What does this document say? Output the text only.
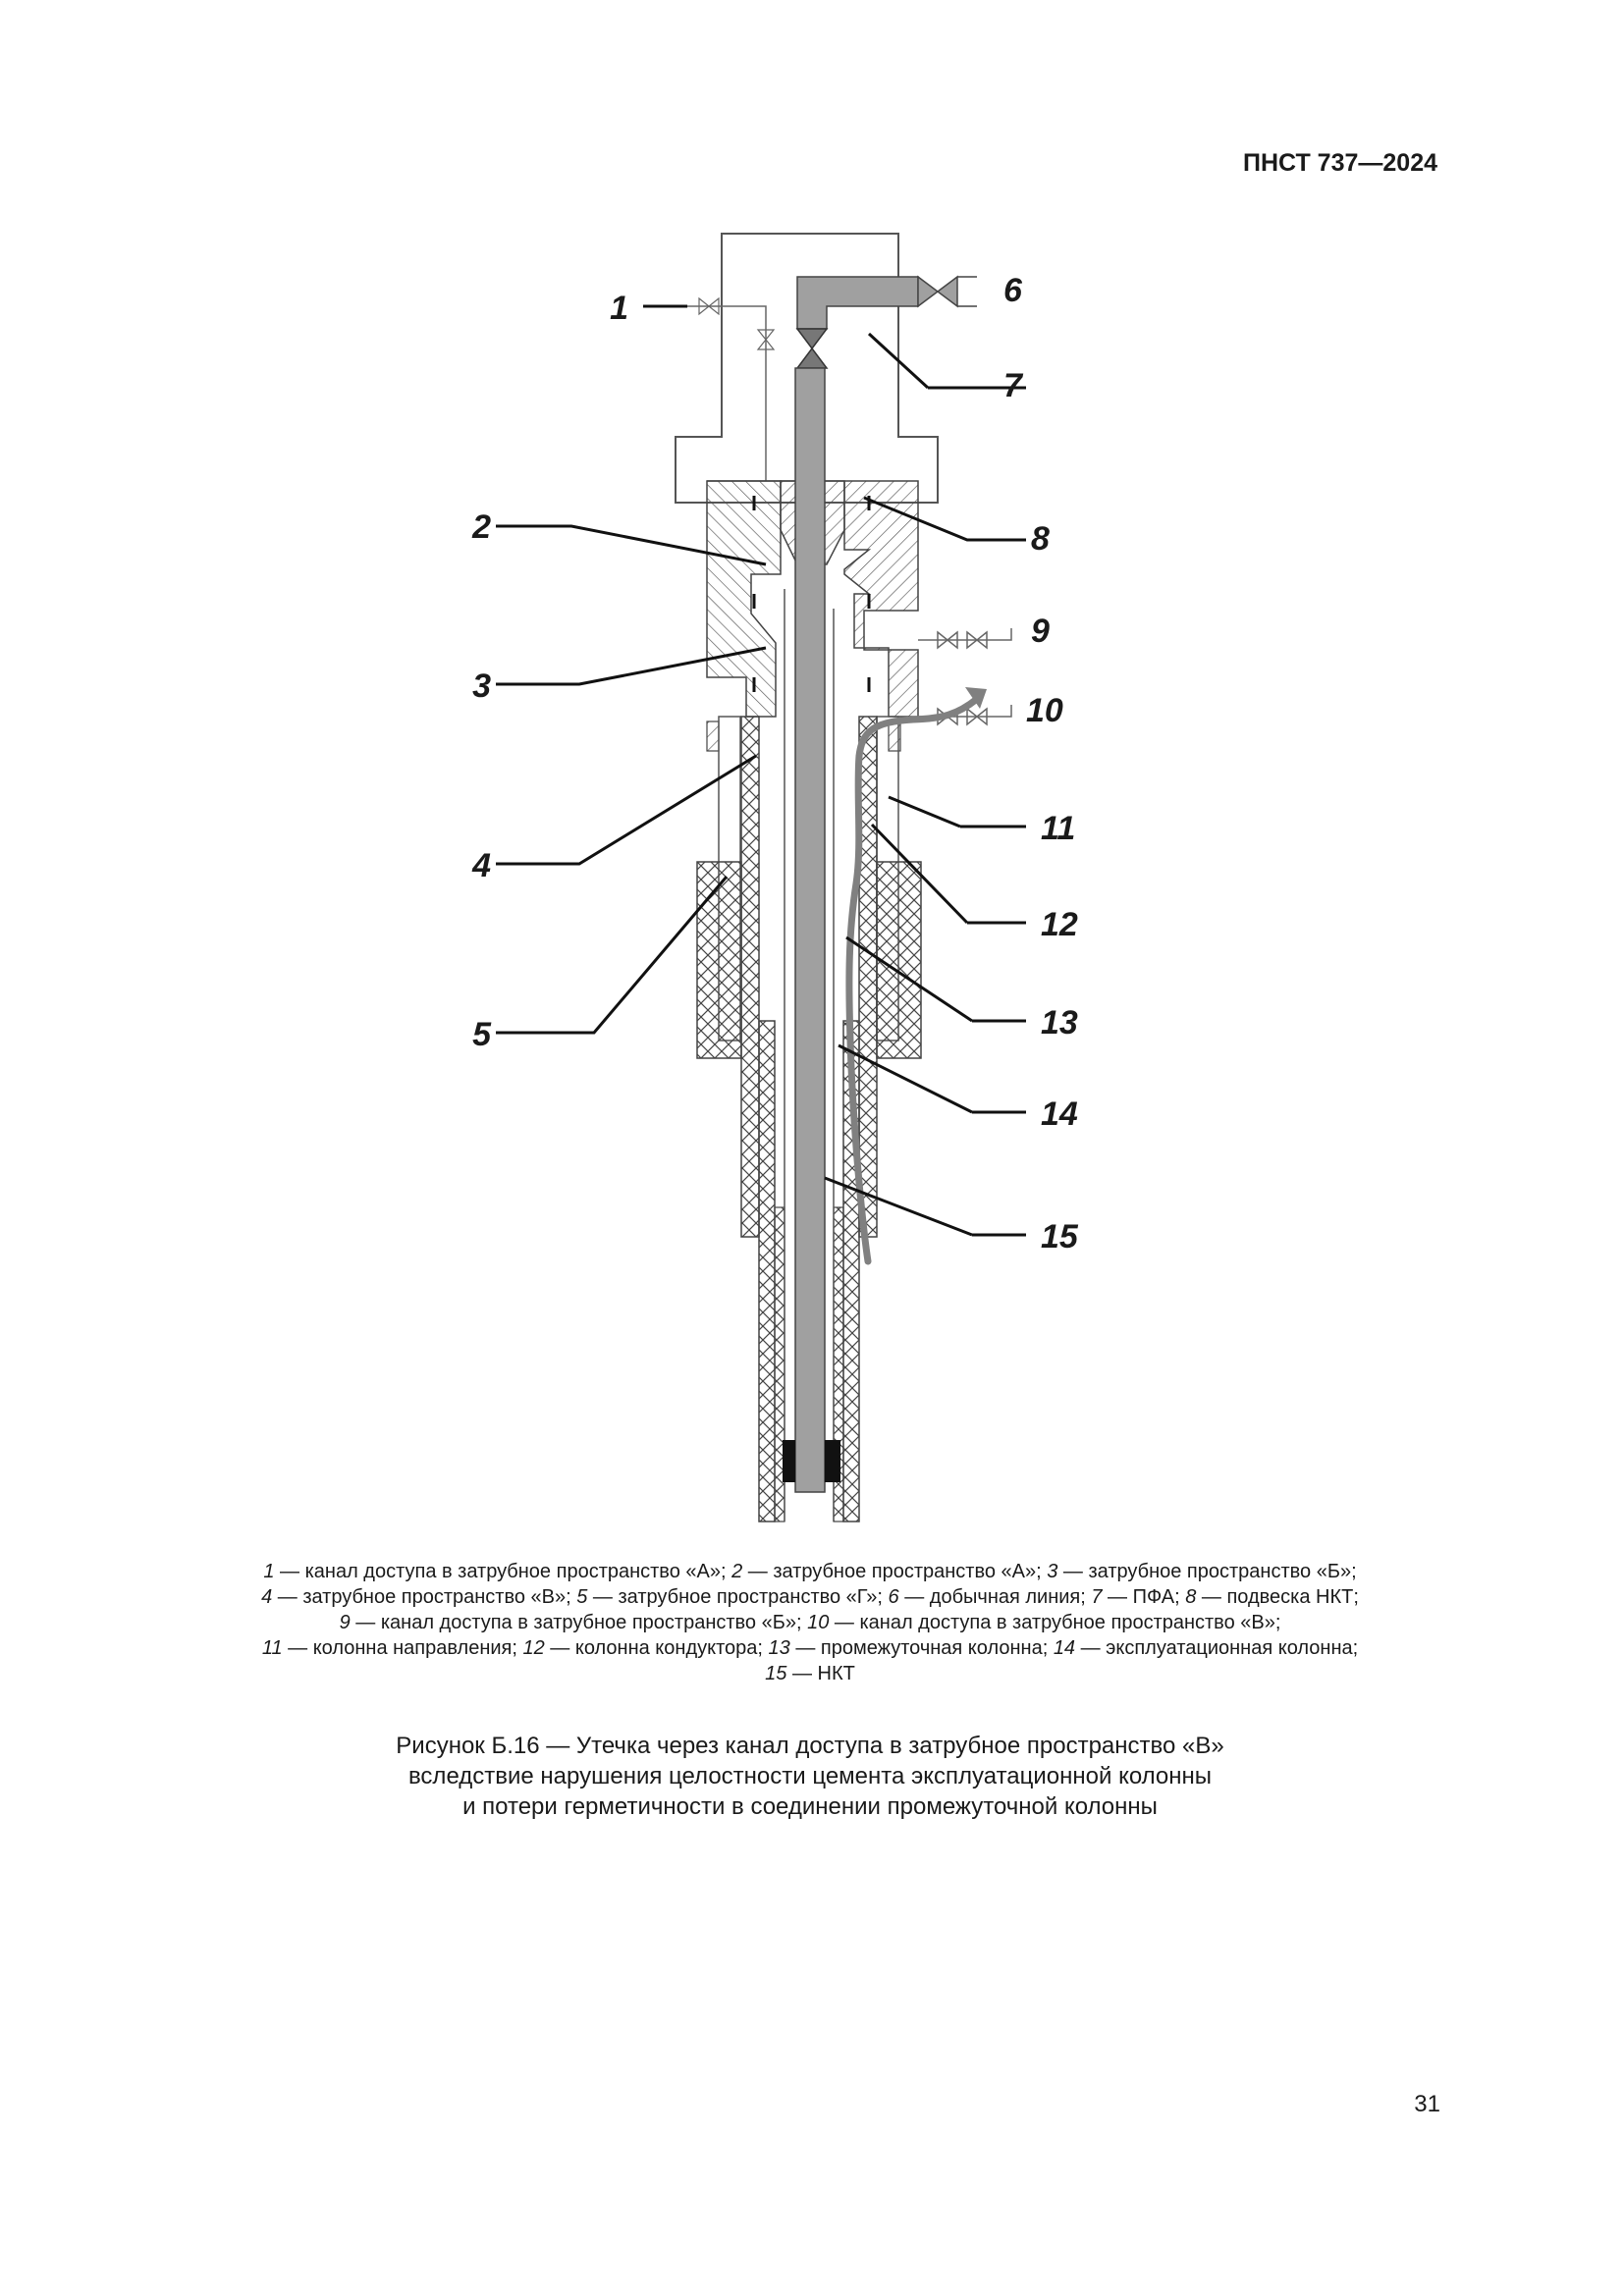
ПНСТ 737—2024
1
2
3
4
5
6
7
8
9
10
11
12
13
14
15
1 — канал доступа в затрубное пространство «А»; 2 — затрубное пространство «А»; 3 — затрубное пространство «Б»;
4 — затрубное пространство «В»; 5 — затрубное пространство «Г»; 6 — добычная линия; 7 — ПФА; 8 — подвеска НКТ;
9 — канал доступа в затрубное пространство «Б»; 10 — канал доступа в затрубное пространство «В»;
11 — колонна направления; 12 — колонна кондуктора; 13 — промежуточная колонна; 14 — эксплуатационная колонна;
15 — НКТ
Рисунок Б.16 — Утечка через канал доступа в затрубное пространство «В»
вследствие нарушения целостности цемента эксплуатационной колонны
и потери герметичности в соединении промежуточной колонны
31
